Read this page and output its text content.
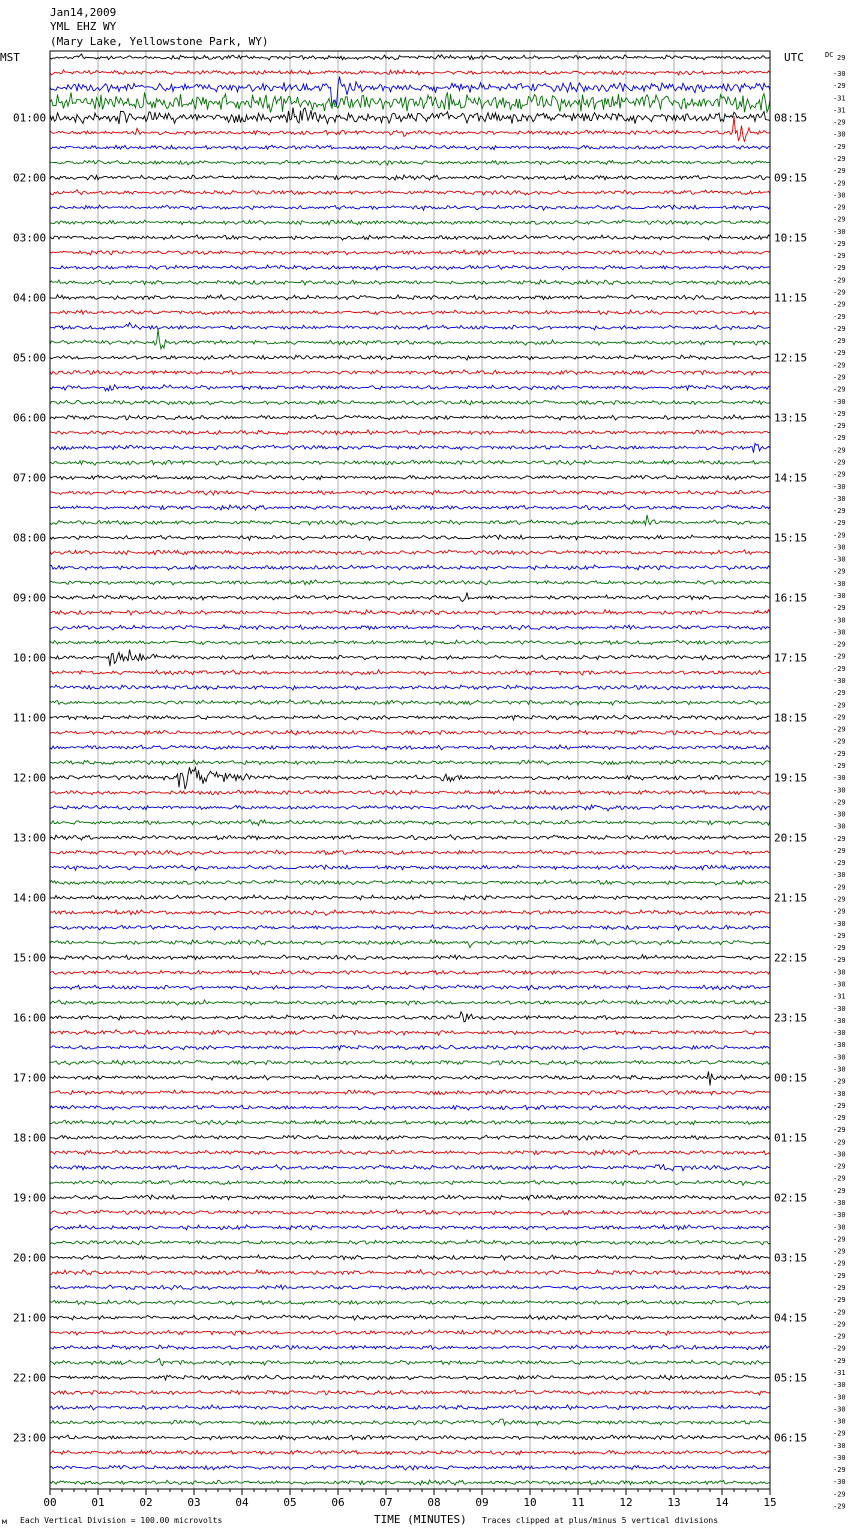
Jan14,2009
YML EHZ WY
(Mary Lake, Yellowstone Park, WY)
MST	UTC	DC
01:00
02:00
03:00
04:00
05:00
06:00
07:00
08:00
09:00
10:00
11:00
12:00
13:00
14:00
15:00
16:00
17:00
18:00
19:00
20:00
21:00
22:00
23:00
08:15
09:15
10:15
11:15
12:15
13:15
14:15
15:15
16:15
17:15
18:15
19:15
20:15
21:15
22:15
23:15
00:15
01:15
02:15
03:15
04:15
05:15
06:15
29
-30
-29
-31
-31
-29
-30
-29
-29
-29
-29
-30
-29
-29
-30
-29
-29
-29
-29
-29
-29
-29
-29
-29
-29
-29
-29
-29
-30
-29
-29
-29
-29
-29
-29
-30
-30
-29
-29
-29
-30
-30
-29
-30
-30
-29
-30
-30
-29
-29
-29
-30
-29
-29
-29
-29
-29
-29
-29
-30
-30
-29
-30
-30
-29
-29
-29
-30
-29
-29
-29
-30
-29
-29
-29
-30
-30
-31
-30
-30
-30
-30
-30
-30
-29
-30
-29
-29
-29
-29
-30
-29
-29
-29
-30
-30
-30
-29
-29
-29
-29
-29
-29
-29
-29
-29
-29
-29
-31
-30
-30
-30
-30
-29
-30
-30
-29
-30
-29
-29
00	01	02	03	04	05	06	07	08	09	10	11	12	13	14	15
м Each Vertical Division = 100.00 microvolts	TIME (MINUTES) Traces clipped at plus/minus 5 vertical divisions
